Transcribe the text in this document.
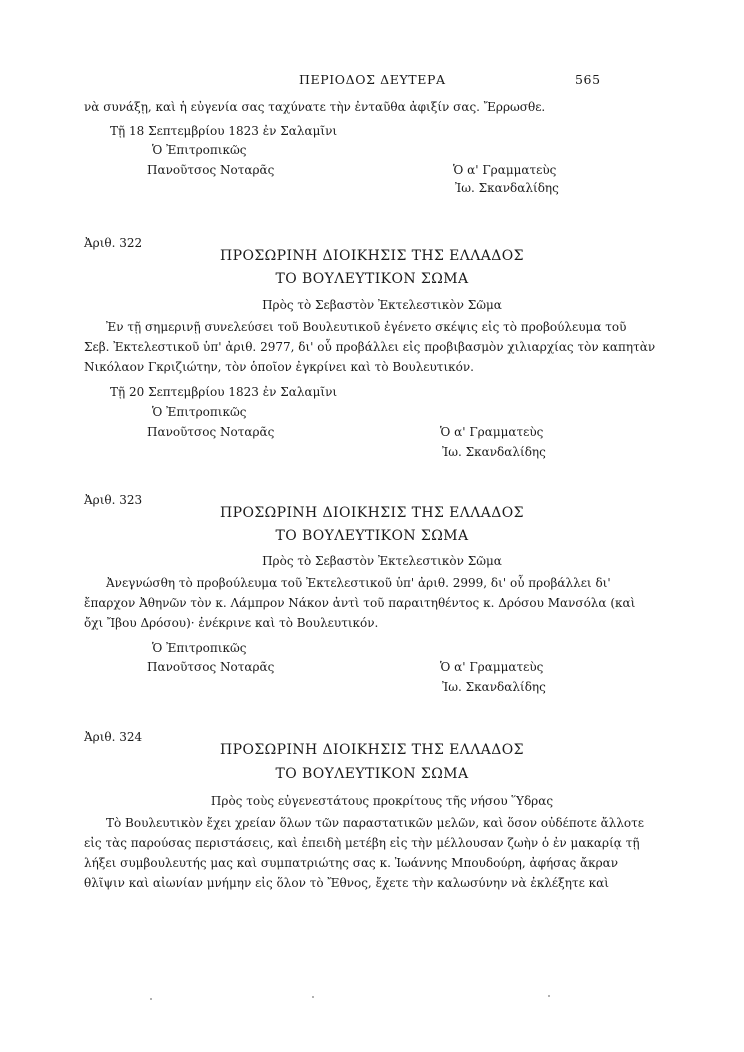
ΠΕΡΙΟΔΟΣ ΔΕΥΤΕΡΑ	565
νὰ συνάξῃ, καὶ ἡ εὐγενία σας ταχύνατε τὴν ἐνταῦθα ἀφιξίν σας. Ἔρρωσθε.
Τῇ 18 Σεπτεμβρίου 1823 ἐν Σαλαμῖνι
Ὁ Ἐπιτροπικῶς
Πανοῦτσος Νοταρᾶς	Ὁ α' Γραμματεὺς
Ἰω. Σκανδαλίδης
Ἀριθ. 322
ΠΡΟΣΩΡΙΝΗ ΔΙΟΙΚΗΣΙΣ ΤΗΣ ΕΛΛΑΔΟΣ
ΤΟ ΒΟΥΛΕΥΤΙΚΟΝ ΣΩΜΑ
Πρὸς τὸ Σεβαστὸν Ἐκτελεστικὸν Σῶμα
Ἐν τῇ σημερινῇ συνελεύσει τοῦ Βουλευτικοῦ ἐγένετο σκέψις εἰς τὸ προβούλευμα τοῦ
Σεβ. Ἐκτελεστικοῦ ὑπ' ἀριθ. 2977, δι' οὗ προβάλλει εἰς προβιβασμὸν χιλιαρχίας τὸν καπητὰν
Νικόλαον Γκριζιώτην, τὸν ὁποῖον ἐγκρίνει καὶ τὸ Βουλευτικόν.
Τῇ 20 Σεπτεμβρίου 1823 ἐν Σαλαμῖνι
Ὁ Ἐπιτροπικῶς
Πανοῦτσος Νοταρᾶς	Ὁ α' Γραμματεὺς
Ἰω. Σκανδαλίδης
Ἀριθ. 323
ΠΡΟΣΩΡΙΝΗ ΔΙΟΙΚΗΣΙΣ ΤΗΣ ΕΛΛΑΔΟΣ
ΤΟ ΒΟΥΛΕΥΤΙΚΟΝ ΣΩΜΑ
Πρὸς τὸ Σεβαστὸν Ἐκτελεστικὸν Σῶμα
Ἀνεγνώσθη τὸ προβούλευμα τοῦ Ἐκτελεστικοῦ ὑπ' ἀριθ. 2999, δι' οὗ προβάλλει δι'
ἔπαρχον Ἀθηνῶν τὸν κ. Λάμπρον Νάκον ἀντὶ τοῦ παραιτηθέντος κ. Δρόσου Μανσόλα (καὶ
ὄχι Ἴβου Δρόσου)· ἐνέκρινε καὶ τὸ Βουλευτικόν.
Ὁ Ἐπιτροπικῶς
Πανοῦτσος Νοταρᾶς	Ὁ α' Γραμματεὺς
Ἰω. Σκανδαλίδης
Ἀριθ. 324
ΠΡΟΣΩΡΙΝΗ ΔΙΟΙΚΗΣΙΣ ΤΗΣ ΕΛΛΑΔΟΣ
ΤΟ ΒΟΥΛΕΥΤΙΚΟΝ ΣΩΜΑ
Πρὸς τοὺς εὐγενεστάτους προκρίτους τῆς νήσου Ὕδρας
Τὸ Βουλευτικὸν ἔχει χρείαν ὅλων τῶν παραστατικῶν μελῶν, καὶ ὅσον οὐδέποτε ἄλλοτε
εἰς τὰς παρούσας περιστάσεις, καὶ ἐπειδὴ μετέβη εἰς τὴν μέλλουσαν ζωὴν ὁ ἐν μακαρίᾳ τῇ
λήξει συμβουλευτής μας καὶ συμπατριώτης σας κ. Ἰωάννης Μπουδούρη, ἀφήσας ἄκραν
θλῖψιν καὶ αἰωνίαν μνήμην εἰς ὅλον τὸ Ἔθνος, ἔχετε τὴν καλωσύνην νὰ ἐκλέξητε καὶ
